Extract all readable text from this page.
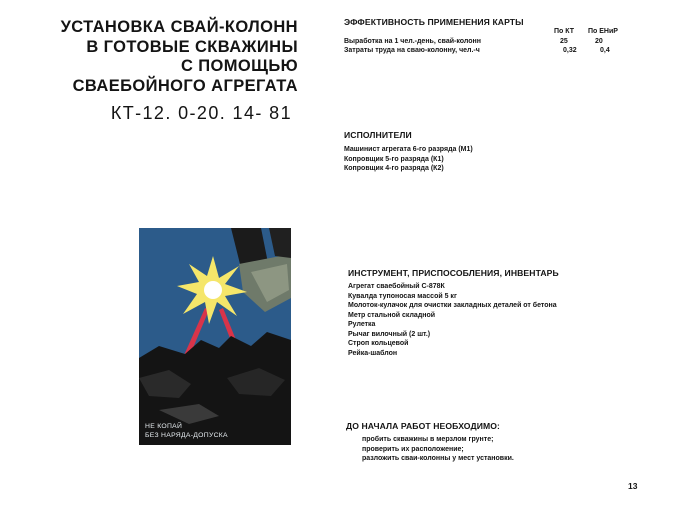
УСТАНОВКА СВАЙ-КОЛОНН
В ГОТОВЫЕ СКВАЖИНЫ
С ПОМОЩЬЮ
СВАЕБОЙНОГО АГРЕГАТА
КТ-12. 0-20. 14- 81
ЭФФЕКТИВНОСТЬ ПРИМЕНЕНИЯ КАРТЫ
По КТ По ЕНиР
Выработка на 1 чел.-день, свай-колонн	25	20
Затраты труда на сваю-колонну, чел.-ч	0,32	0,4
ИСПОЛНИТЕЛИ
Машинист агрегата 6-го разряда (М1)
Копровщик 5-го разряда (К1)
Копровщик 4-го разряда (К2)
НЕ КОПАЙ
БЕЗ НАРЯДА-ДОПУСКА
ИНСТРУМЕНТ, ПРИСПОСОБЛЕНИЯ, ИНВЕНТАРЬ
Агрегат сваебойный С-878К
Кувалда тупоносая массой 5 кг
Молоток-кулачок для очистки закладных деталей от бетона
Метр стальной складной
Рулетка
Рычаг вилочный (2 шт.)
Строп кольцевой
Рейка-шаблон
ДО НАЧАЛА РАБОТ НЕОБХОДИМО:
пробить скважины в мерзлом грунте;
проверить их расположение;
разложить сваи-колонны у мест установки.
13
